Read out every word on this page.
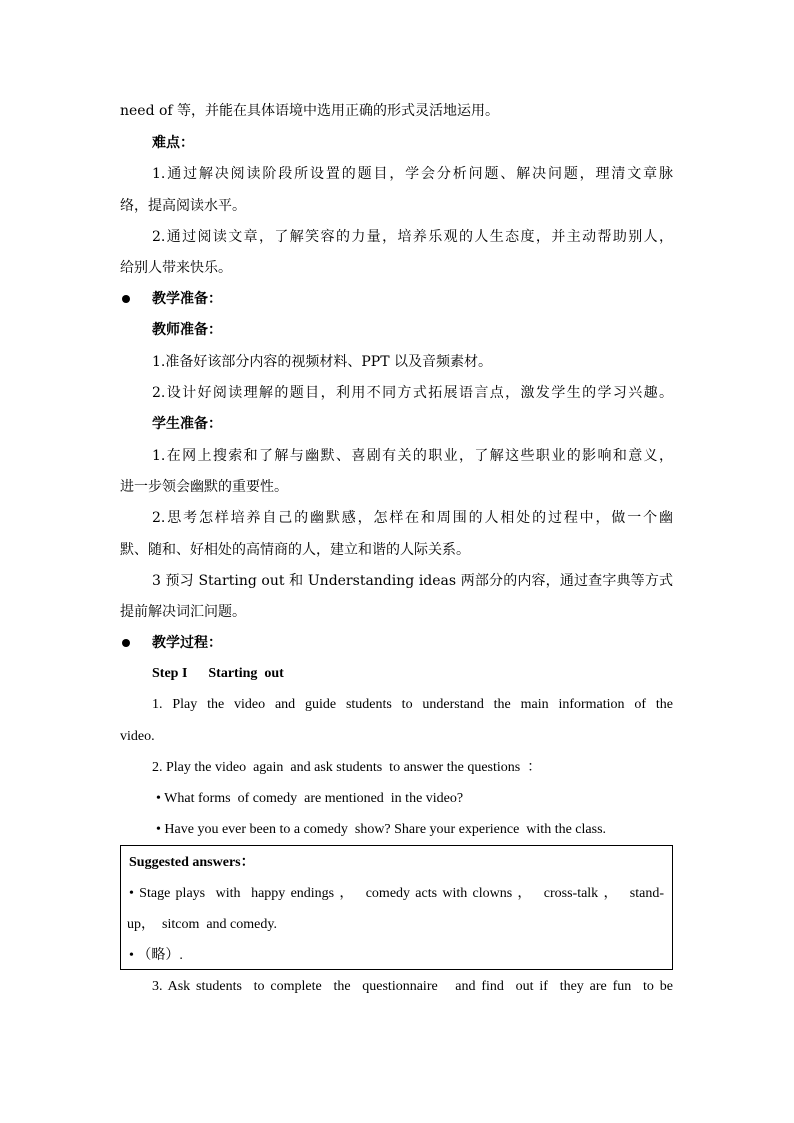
need of 等，并能在具体语境中选用正确的形式灵活地运用。
难点：
1.通过解决阅读阶段所设置的题目，学会分析问题、解决问题，理清文章脉
络，提高阅读水平。
2.通过阅读文章，了解笑容的力量，培养乐观的人生态度，并主动帮助别人，
给别人带来快乐。
教学准备：
教师准备：
1.准备好该部分内容的视频材料、PPT 以及音频素材。
2.设计好阅读理解的题目，利用不同方式拓展语言点，激发学生的学习兴趣。
学生准备：
1.在网上搜索和了解与幽默、喜剧有关的职业，了解这些职业的影响和意义，
进一步领会幽默的重要性。
2.思考怎样培养自己的幽默感，怎样在和周围的人相处的过程中，做一个幽
默、随和、好相处的高情商的人，建立和谐的人际关系。
3 预习 Starting out 和 Understanding ideas 两部分的内容，通过查字典等方式
提前解决词汇问题。
教学过程：
Step I      Starting  out
1. Play the video and guide students to understand the main information of the
video.
2. Play the video  again  and ask students  to answer the questions  ：
• What forms  of comedy  are mentioned  in the video?
• Have you ever been to a comedy  show? Share your experience  with the class.
Suggested answers：
• Stage plays  with  happy endings ，  comedy acts with clowns ，  cross-talk ，  stand-
up，  sitcom  and comedy.
• （略）.
3. Ask students  to complete  the  questionnaire   and find  out if  they are fun  to be
